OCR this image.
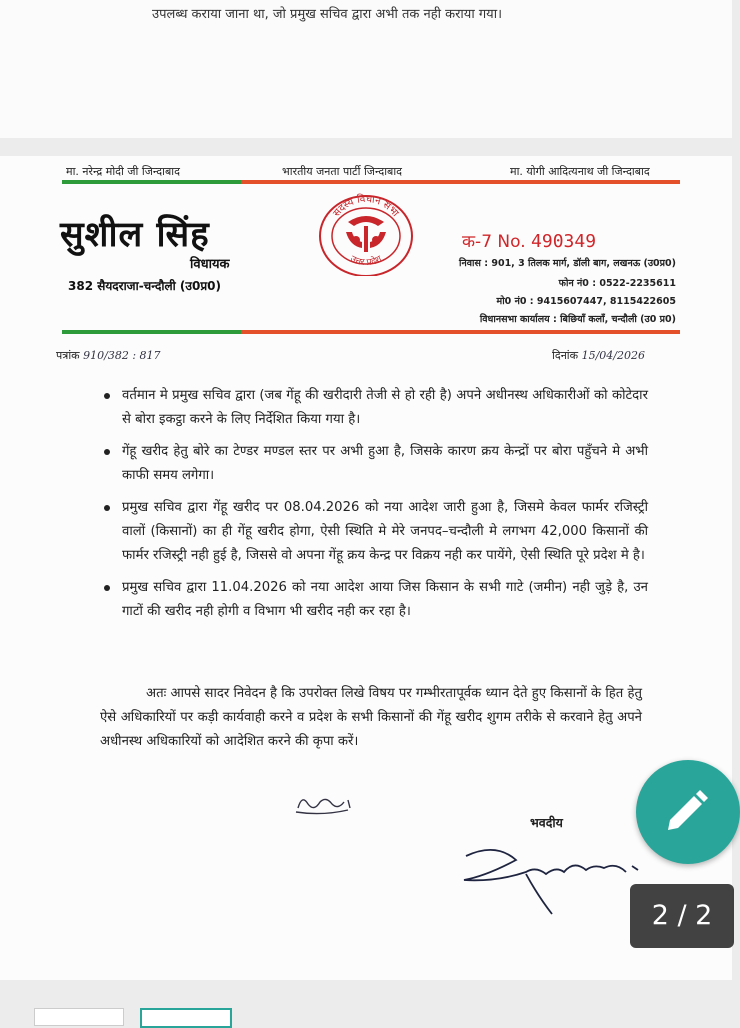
उपलब्ध कराया जाना था, जो प्रमुख सचिव द्वारा अभी तक नही कराया गया।
मा. नरेन्द्र मोदी जी जिन्दाबाद	भारतीय जनता पार्टी जिन्दाबाद	मा. योगी आदित्यनाथ जी जिन्दाबाद
सुशील सिंह
विधायक
382 सैयदराजा-चन्दौली (उ0प्र0)
सदस्य विधान सभा
उत्तर प्रदेश
क-7 No. 490349
निवास : 901, 3 तिलक मार्ग, डॉली बाग, लखनऊ (उ0प्र0)
फोन नं0 : 0522-2235611
मो0 नं0 : 9415607447, 8115422605
विधानसभा कार्यालय : बिछियाँ कलाँ, चन्दौली (उ0 प्र0)
पत्रांक 910/382 : 817	दिनांक 15/04/2026
वर्तमान मे प्रमुख सचिव द्वारा (जब गेंहू की खरीदारी तेजी से हो रही है) अपने अधीनस्थ अधिकारीओं को कोटेदार से बोरा इकट्ठा करने के लिए निर्देशित किया गया है।
गेंहू खरीद हेतु बोरे का टेण्डर मण्डल स्तर पर अभी हुआ है, जिसके कारण क्रय केन्द्रों पर बोरा पहुँचने मे अभी काफी समय लगेगा।
प्रमुख सचिव द्वारा गेंहू खरीद पर 08.04.2026 को नया आदेश जारी हुआ है, जिसमे केवल फार्मर रजिस्ट्री वालों (किसानों) का ही गेंहू खरीद होगा, ऐसी स्थिति मे मेरे जनपद–चन्दौली मे लगभग 42,000 किसानों की फार्मर रजिस्ट्री नही हुई है, जिससे वो अपना गेंहू क्रय केन्द्र पर विक्रय नही कर पायेंगे, ऐसी स्थिति पूरे प्रदेश मे है।
प्रमुख सचिव द्वारा 11.04.2026 को नया आदेश आया जिस किसान के सभी गाटे (जमीन) नही जुड़े है, उन गाटों की खरीद नही होगी व विभाग भी खरीद नही कर रहा है।
अतः आपसे सादर निवेदन है कि उपरोक्त लिखे विषय पर गम्भीरतापूर्वक ध्यान देते हुए किसानों के हित हेतु ऐसे अधिकारियों पर कड़ी कार्यवाही करने व प्रदेश के सभी किसानों की गेंहू खरीद शुगम तरीके से करवाने हेतु अपने अधीनस्थ अधिकारियों को आदेशित करने की कृपा करें।
सादर।
भवदीय
सुशील सिंह
2 / 2
